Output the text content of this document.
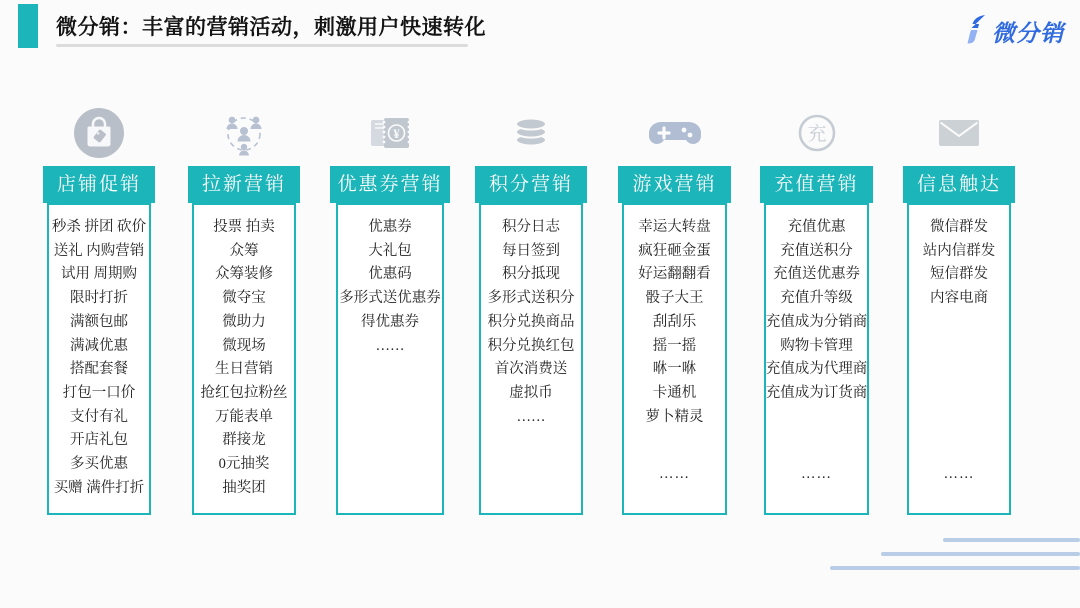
微分销：丰富的营销活动，刺激用户快速转化	微分销
店铺促销
秒杀 拼团 砍价
送礼 内购营销
试用 周期购
限时打折
满额包邮
满减优惠
搭配套餐
打包一口价
支付有礼
开店礼包
多买优惠
买赠 满件打折
拉新营销
投票 拍卖
众筹
众筹装修
微夺宝
微助力
微现场
生日营销
抢红包拉粉丝
万能表单
群接龙
0元抽奖
抽奖团
¥
优惠券营销
优惠券
大礼包
优惠码
多形式送优惠券
得优惠券
……
积分营销
积分日志
每日签到
积分抵现
多形式送积分
积分兑换商品
积分兑换红包
首次消费送
虚拟币
……
游戏营销
幸运大转盘
疯狂砸金蛋
好运翻翻看
骰子大王
刮刮乐
摇一摇
咻一咻
卡通机
萝卜精灵
……
充
充值营销
充值优惠
充值送积分
充值送优惠券
充值升等级
充值成为分销商
购物卡管理
充值成为代理商
充值成为订货商
……
信息触达
微信群发
站内信群发
短信群发
内容电商
……
